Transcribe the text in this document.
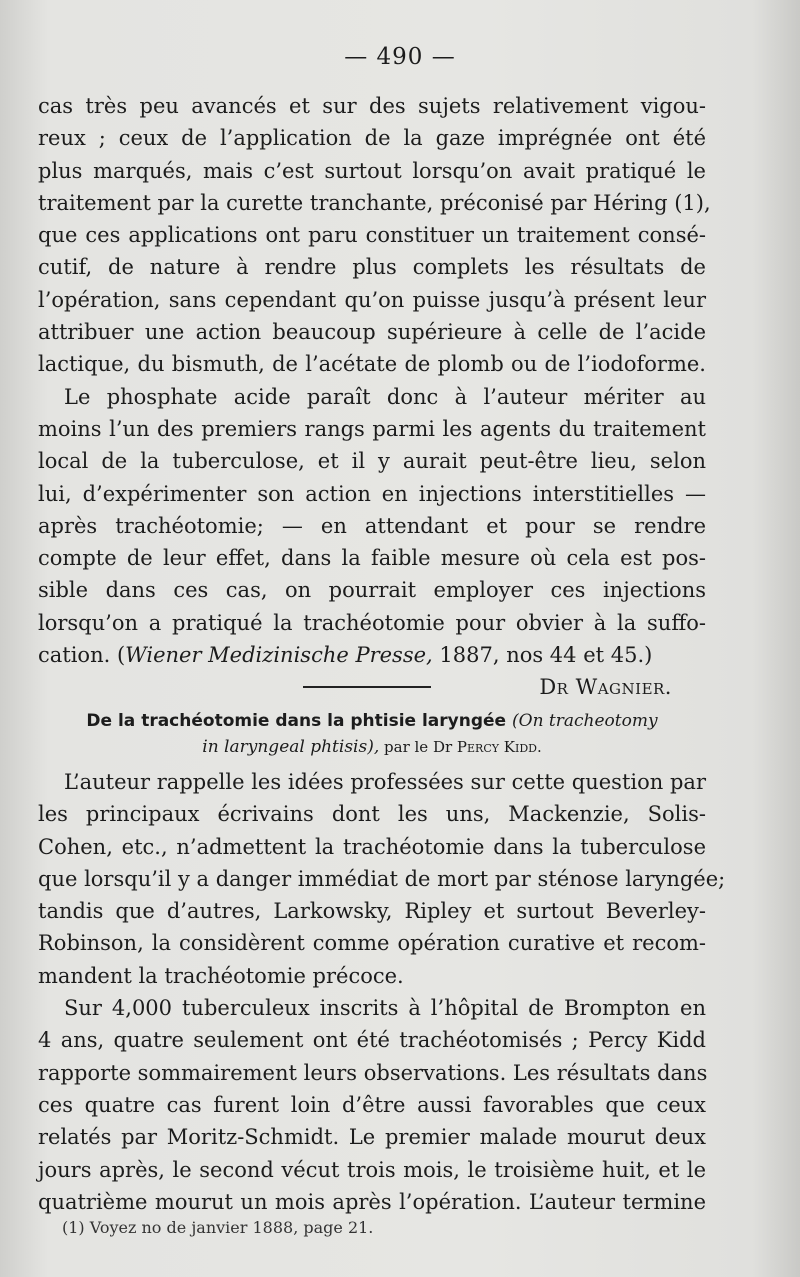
— 490 —
cas très peu avancés et sur des sujets relativement vigou-
reux ; ceux de l’application de la gaze imprégnée ont été
plus marqués, mais c’est surtout lorsqu’on avait pratiqué le
traitement par la curette tranchante, préconisé par Héring (1),
que ces applications ont paru constituer un traitement consé-
cutif, de nature à rendre plus complets les résultats de
l’opération, sans cependant qu’on puisse jusqu’à présent leur
attribuer une action beaucoup supérieure à celle de l’acide
lactique, du bismuth, de l’acétate de plomb ou de l’iodoforme.
Le phosphate acide paraît donc à l’auteur mériter au
moins l’un des premiers rangs parmi les agents du traitement
local de la tuberculose, et il y aurait peut-être lieu, selon
lui, d’expérimenter son action en injections interstitielles —
après trachéotomie; — en attendant et pour se rendre
compte de leur effet, dans la faible mesure où cela est pos-
sible dans ces cas, on pourrait employer ces injections
lorsqu’on a pratiqué la trachéotomie pour obvier à la suffo-
cation. (Wiener Medizinische Presse, 1887, nos 44 et 45.)
Dr Wagnier.
De la trachéotomie dans la phtisie laryngée (On tracheotomy
in laryngeal phtisis), par le Dr Percy Kidd.
L’auteur rappelle les idées professées sur cette question par
les principaux écrivains dont les uns, Mackenzie, Solis-
Cohen, etc., n’admettent la trachéotomie dans la tuberculose
que lorsqu’il y a danger immédiat de mort par sténose laryngée;
tandis que d’autres, Larkowsky, Ripley et surtout Beverley-
Robinson, la considèrent comme opération curative et recom-
mandent la trachéotomie précoce.
Sur 4,000 tuberculeux inscrits à l’hôpital de Brompton en
4 ans, quatre seulement ont été trachéotomisés ; Percy Kidd
rapporte sommairement leurs observations. Les résultats dans
ces quatre cas furent loin d’être aussi favorables que ceux
relatés par Moritz-Schmidt. Le premier malade mourut deux
jours après, le second vécut trois mois, le troisième huit, et le
quatrième mourut un mois après l’opération. L’auteur termine
(1) Voyez no de janvier 1888, page 21.
